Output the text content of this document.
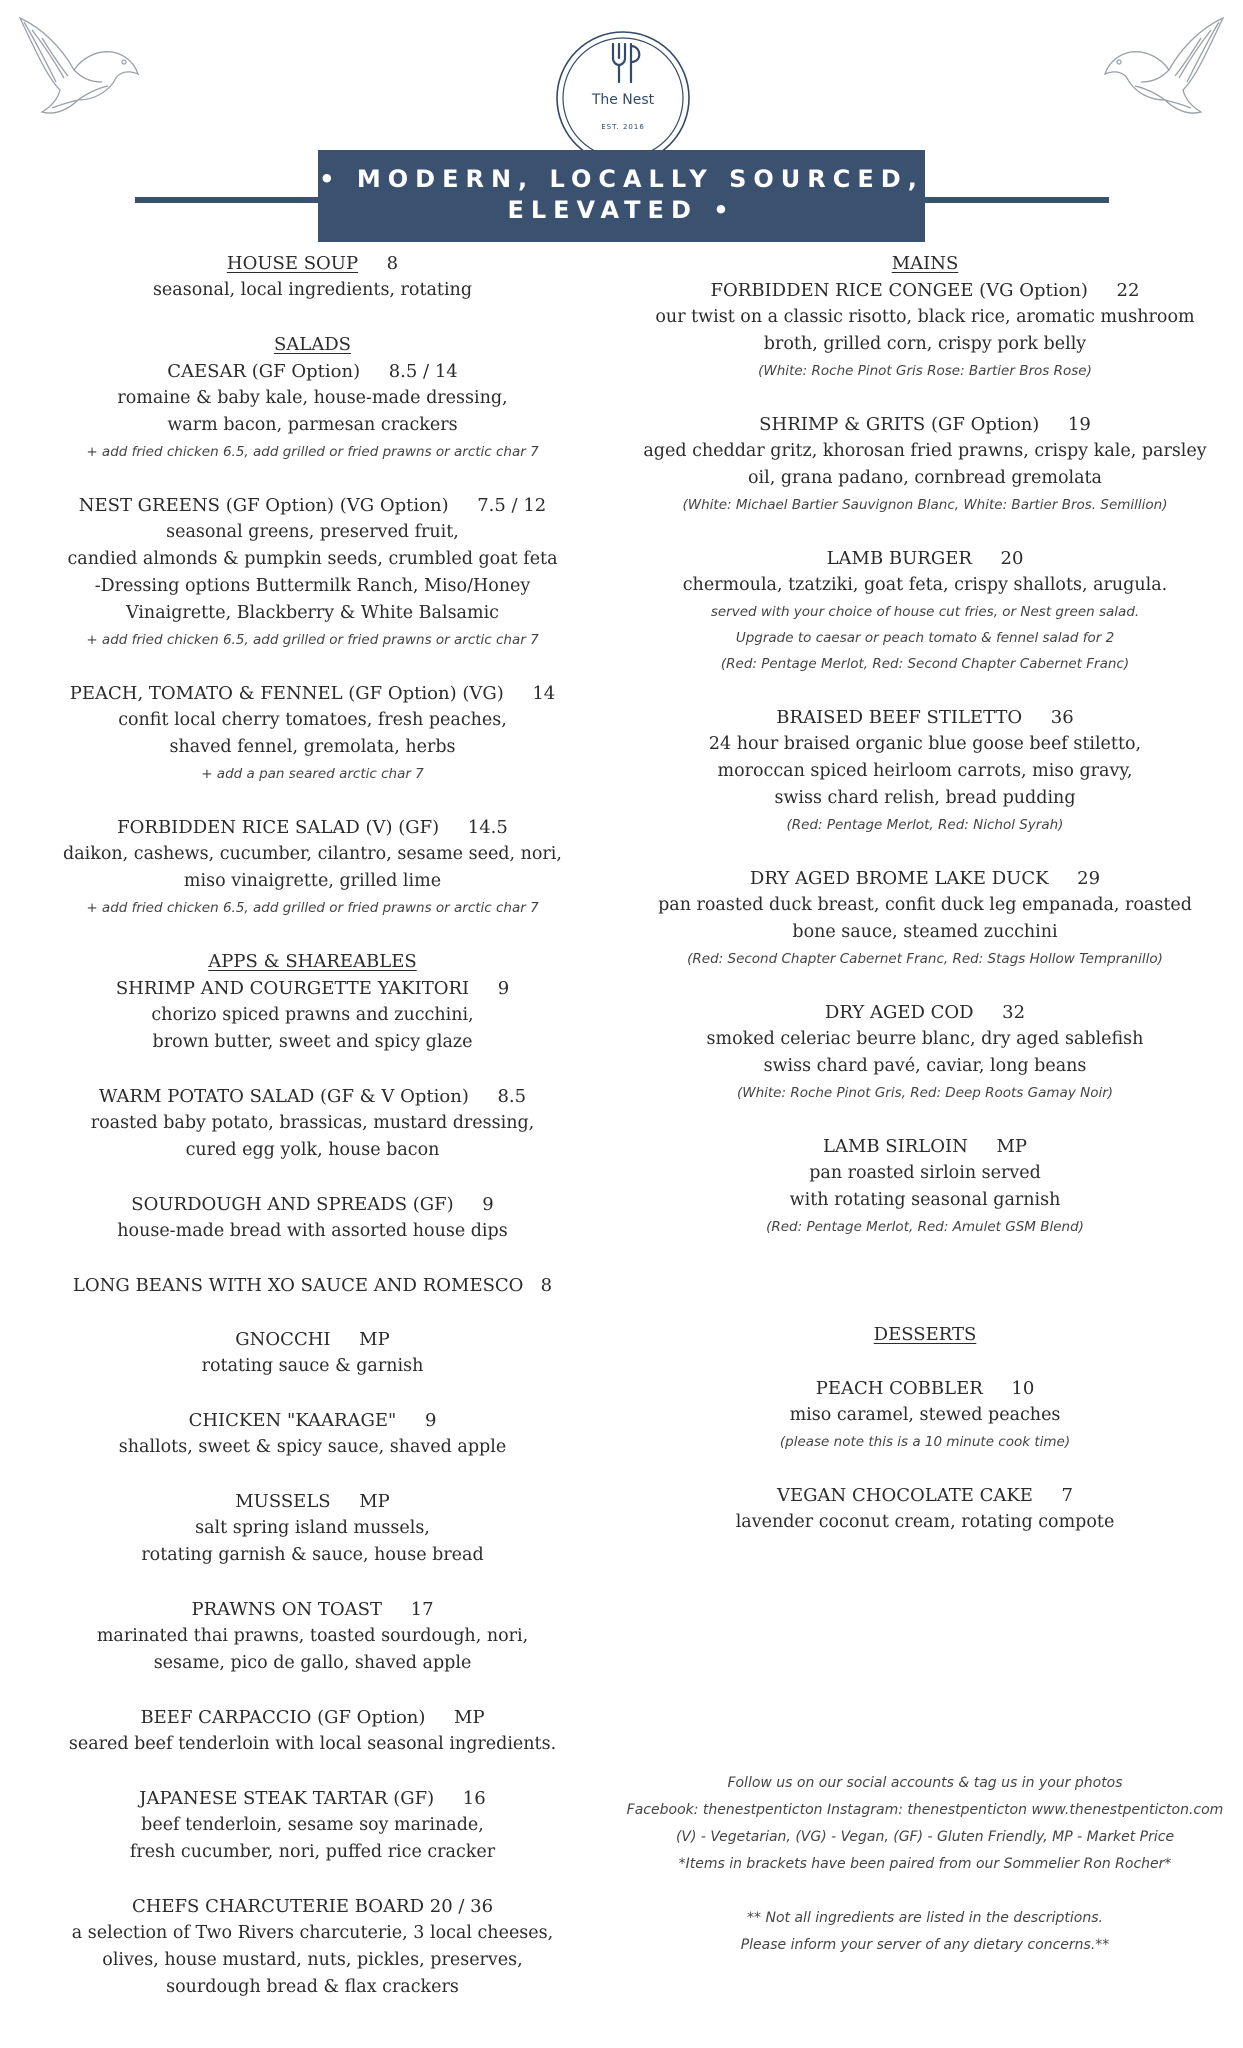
The Nest
EST. 2016
• MODERN, LOCALLY SOURCED,
ELEVATED •
HOUSE SOUP 8
seasonal, local ingredients, rotating
SALADS
CAESAR (GF Option)     8.5 / 14
romaine & baby kale, house-made dressing,
warm bacon, parmesan crackers
+ add fried chicken 6.5, add grilled or fried prawns or arctic char 7
NEST GREENS (GF Option) (VG Option)     7.5 / 12
seasonal greens, preserved fruit,
candied almonds & pumpkin seeds, crumbled goat feta
-Dressing options Buttermilk Ranch, Miso/Honey
Vinaigrette, Blackberry & White Balsamic
+ add fried chicken 6.5, add grilled or fried prawns or arctic char 7
PEACH, TOMATO & FENNEL (GF Option) (VG)     14
confit local cherry tomatoes, fresh peaches,
shaved fennel, gremolata, herbs
+ add a pan seared arctic char 7
FORBIDDEN RICE SALAD (V) (GF)     14.5
daikon, cashews, cucumber, cilantro, sesame seed, nori,
miso vinaigrette, grilled lime
+ add fried chicken 6.5, add grilled or fried prawns or arctic char 7
APPS & SHAREABLES
SHRIMP AND COURGETTE YAKITORI     9
chorizo spiced prawns and zucchini,
brown butter, sweet and spicy glaze
WARM POTATO SALAD (GF & V Option)     8.5
roasted baby potato, brassicas, mustard dressing,
cured egg yolk, house bacon
SOURDOUGH AND SPREADS (GF)     9
house-made bread with assorted house dips
LONG BEANS WITH XO SAUCE AND ROMESCO   8
GNOCCHI     MP
rotating sauce & garnish
CHICKEN "KAARAGE"     9
shallots, sweet & spicy sauce, shaved apple
MUSSELS     MP
salt spring island mussels,
rotating garnish & sauce, house bread
PRAWNS ON TOAST     17
marinated thai prawns, toasted sourdough, nori,
sesame, pico de gallo, shaved apple
BEEF CARPACCIO (GF Option)     MP
seared beef tenderloin with local seasonal ingredients.
JAPANESE STEAK TARTAR (GF)     16
beef tenderloin, sesame soy marinade,
fresh cucumber, nori, puffed rice cracker
CHEFS CHARCUTERIE BOARD 20 / 36
a selection of Two Rivers charcuterie, 3 local cheeses,
olives, house mustard, nuts, pickles, preserves,
sourdough bread & flax crackers
MAINS
FORBIDDEN RICE CONGEE (VG Option)     22
our twist on a classic risotto, black rice, aromatic mushroom
broth, grilled corn, crispy pork belly
(White: Roche Pinot Gris Rose: Bartier Bros Rose)
SHRIMP & GRITS (GF Option)     19
aged cheddar gritz, khorosan fried prawns, crispy kale, parsley
oil, grana padano, cornbread gremolata
(White: Michael Bartier Sauvignon Blanc, White: Bartier Bros. Semillion)
LAMB BURGER     20
chermoula, tzatziki, goat feta, crispy shallots, arugula.
served with your choice of house cut fries, or Nest green salad.
Upgrade to caesar or peach tomato & fennel salad for 2
(Red: Pentage Merlot, Red: Second Chapter Cabernet Franc)
BRAISED BEEF STILETTO     36
24 hour braised organic blue goose beef stiletto,
moroccan spiced heirloom carrots, miso gravy,
swiss chard relish, bread pudding
(Red: Pentage Merlot, Red: Nichol Syrah)
DRY AGED BROME LAKE DUCK     29
pan roasted duck breast, confit duck leg empanada, roasted
bone sauce, steamed zucchini
(Red: Second Chapter Cabernet Franc, Red: Stags Hollow Tempranillo)
DRY AGED COD     32
smoked celeriac beurre blanc, dry aged sablefish
swiss chard pavé, caviar, long beans
(White: Roche Pinot Gris, Red: Deep Roots Gamay Noir)
LAMB SIRLOIN     MP
pan roasted sirloin served
with rotating seasonal garnish
(Red: Pentage Merlot, Red: Amulet GSM Blend)
DESSERTS
PEACH COBBLER     10
miso caramel, stewed peaches
(please note this is a 10 minute cook time)
VEGAN CHOCOLATE CAKE     7
lavender coconut cream, rotating compote
Follow us on our social accounts & tag us in your photos
Facebook: thenestpenticton Instagram: thenestpenticton www.thenestpenticton.com
(V) - Vegetarian, (VG) - Vegan, (GF) - Gluten Friendly, MP - Market Price
*Items in brackets have been paired from our Sommelier Ron Rocher*
** Not all ingredients are listed in the descriptions.
Please inform your server of any dietary concerns.**
